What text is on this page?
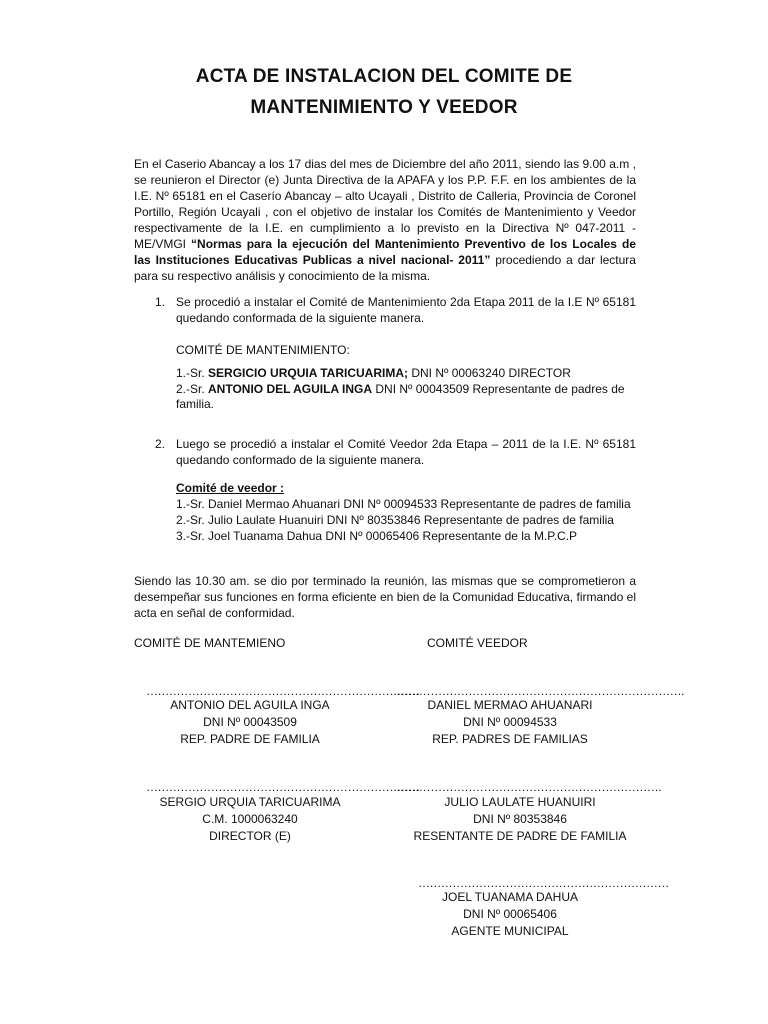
ACTA DE INSTALACION DEL COMITE DE
MANTENIMIENTO Y VEEDOR
En el Caserio Abancay a los 17 dias del mes de Diciembre del año 2011, siendo las 9.00 a.m , se reunieron el Director (e) Junta Directiva de la APAFA y los P.P. F.F. en los ambientes de la I.E. Nº 65181 en el Caserío Abancay – alto Ucayali , Distrito de Calleria, Provincia de Coronel Portillo, Región Ucayali , con el objetivo de instalar los Comités de Mantenimiento y Veedor respectivamente de la I.E. en cumplimiento a lo previsto en la Directiva Nº 047-2011 - ME/VMGI “Normas para la ejecución del Mantenimiento Preventivo de los Locales de las Instituciones Educativas Publicas a nivel nacional- 2011” procediendo a dar lectura para su respectivo análisis y conocimiento de la misma.
1. Se procedió a instalar el Comité de Mantenimiento 2da Etapa 2011 de la I.E Nº 65181 quedando conformada de la siguiente manera.
COMITÉ DE MANTENIMIENTO:
1.-Sr. SERGICIO URQUIA TARICUARIMA; DNI Nº 00063240 DIRECTOR
2.-Sr. ANTONIO DEL AGUILA INGA DNI Nº 00043509 Representante de padres de
familia.
2. Luego se procedió a instalar el Comité Veedor 2da Etapa – 2011 de la I.E. Nº 65181 quedando conformado de la siguiente manera.
Comité de veedor :
1.-Sr. Daniel Mermao Ahuanari DNI Nº 00094533 Representante de padres de familia
2.-Sr. Julio Laulate Huanuiri DNI Nº 80353846 Representante de padres de familia
3.-Sr. Joel Tuanama Dahua DNI Nº 00065406 Representante de la M.P.C.P
Siendo las 10.30 am. se dio por terminado la reunión, las mismas que se comprometieron a desempeñar sus funciones en forma eficiente en bien de la Comunidad Educativa, firmando el acta en señal de conformidad.
COMITÉ DE MANTEMIENO	COMITÉ VEEDOR
………………………………………………………………
………………………………………………………………….
ANTONIO DEL AGUILA INGA
DNI Nº 00043509
REP. PADRE DE FAMILIA
DANIEL MERMAO AHUANARI
DNI Nº 00094533
REP. PADRES DE FAMILIAS
………………………………………………………………
…………………………………………………………….
SERGIO URQUIA TARICUARIMA
C.M. 1000063240
DIRECTOR (E)
JULIO LAULATE HUANUIRI
DNI Nº 80353846
RESENTANTE DE PADRE DE FAMILIA
…………………………………………………………
JOEL TUANAMA DAHUA
DNI Nº 00065406
AGENTE MUNICIPAL
